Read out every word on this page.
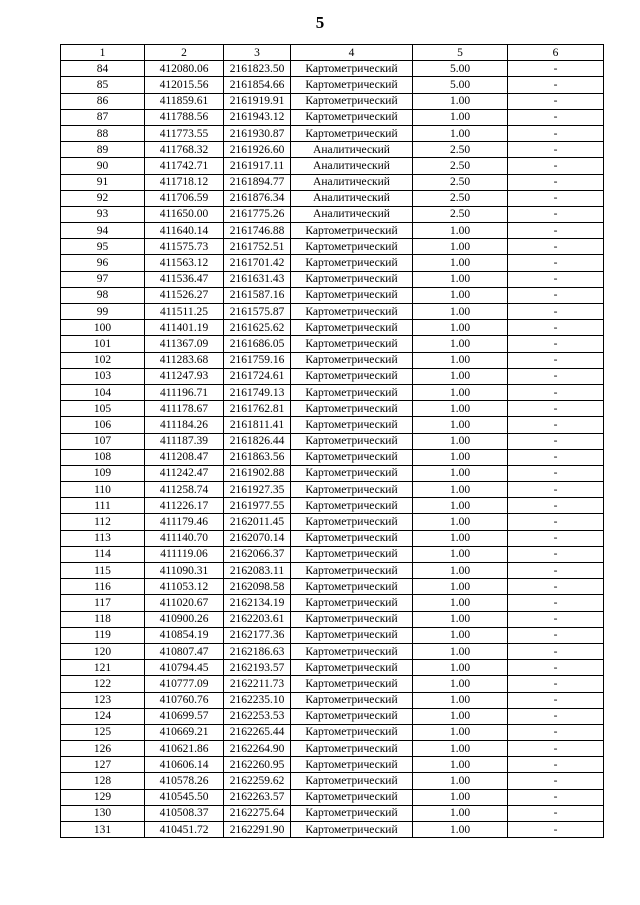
5
1	2	3	4	5	6
84	412080.06	2161823.50	Картометрический	5.00	-
85	412015.56	2161854.66	Картометрический	5.00	-
86	411859.61	2161919.91	Картометрический	1.00	-
87	411788.56	2161943.12	Картометрический	1.00	-
88	411773.55	2161930.87	Картометрический	1.00	-
89	411768.32	2161926.60	Аналитический	2.50	-
90	411742.71	2161917.11	Аналитический	2.50	-
91	411718.12	2161894.77	Аналитический	2.50	-
92	411706.59	2161876.34	Аналитический	2.50	-
93	411650.00	2161775.26	Аналитический	2.50	-
94	411640.14	2161746.88	Картометрический	1.00	-
95	411575.73	2161752.51	Картометрический	1.00	-
96	411563.12	2161701.42	Картометрический	1.00	-
97	411536.47	2161631.43	Картометрический	1.00	-
98	411526.27	2161587.16	Картометрический	1.00	-
99	411511.25	2161575.87	Картометрический	1.00	-
100	411401.19	2161625.62	Картометрический	1.00	-
101	411367.09	2161686.05	Картометрический	1.00	-
102	411283.68	2161759.16	Картометрический	1.00	-
103	411247.93	2161724.61	Картометрический	1.00	-
104	411196.71	2161749.13	Картометрический	1.00	-
105	411178.67	2161762.81	Картометрический	1.00	-
106	411184.26	2161811.41	Картометрический	1.00	-
107	411187.39	2161826.44	Картометрический	1.00	-
108	411208.47	2161863.56	Картометрический	1.00	-
109	411242.47	2161902.88	Картометрический	1.00	-
110	411258.74	2161927.35	Картометрический	1.00	-
111	411226.17	2161977.55	Картометрический	1.00	-
112	411179.46	2162011.45	Картометрический	1.00	-
113	411140.70	2162070.14	Картометрический	1.00	-
114	411119.06	2162066.37	Картометрический	1.00	-
115	411090.31	2162083.11	Картометрический	1.00	-
116	411053.12	2162098.58	Картометрический	1.00	-
117	411020.67	2162134.19	Картометрический	1.00	-
118	410900.26	2162203.61	Картометрический	1.00	-
119	410854.19	2162177.36	Картометрический	1.00	-
120	410807.47	2162186.63	Картометрический	1.00	-
121	410794.45	2162193.57	Картометрический	1.00	-
122	410777.09	2162211.73	Картометрический	1.00	-
123	410760.76	2162235.10	Картометрический	1.00	-
124	410699.57	2162253.53	Картометрический	1.00	-
125	410669.21	2162265.44	Картометрический	1.00	-
126	410621.86	2162264.90	Картометрический	1.00	-
127	410606.14	2162260.95	Картометрический	1.00	-
128	410578.26	2162259.62	Картометрический	1.00	-
129	410545.50	2162263.57	Картометрический	1.00	-
130	410508.37	2162275.64	Картометрический	1.00	-
131	410451.72	2162291.90	Картометрический	1.00	-
